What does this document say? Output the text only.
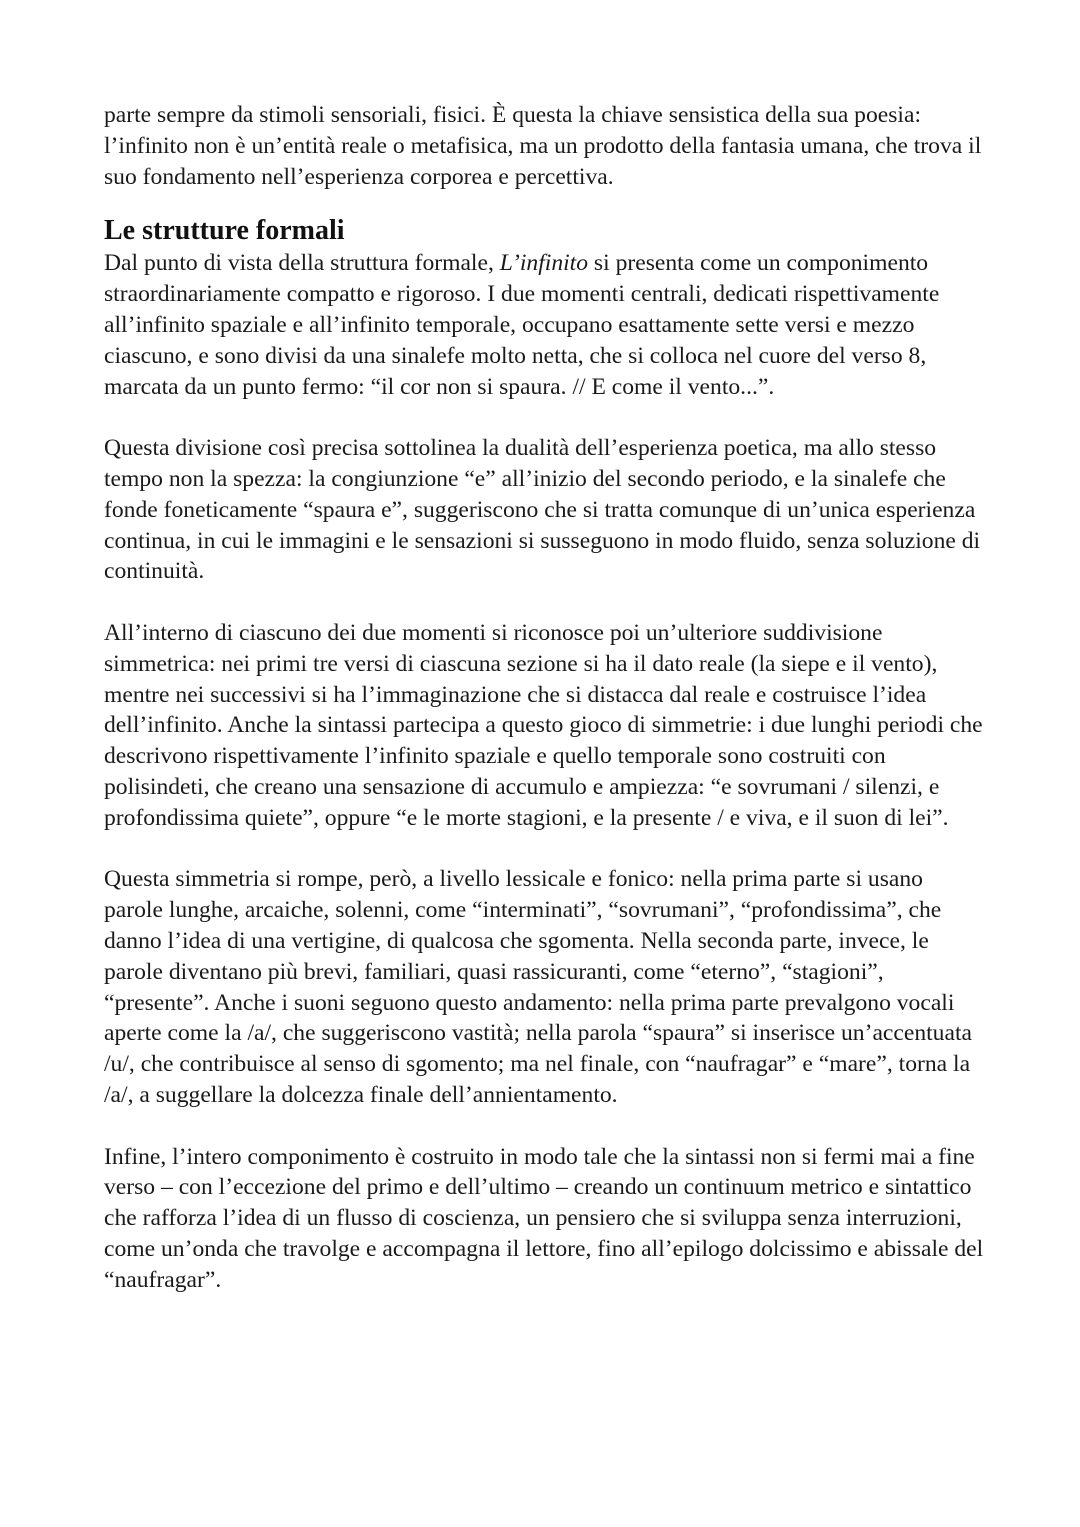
parte sempre da stimoli sensoriali, fisici. È questa la chiave sensistica della sua poesia: l’infinito non è un’entità reale o metafisica, ma un prodotto della fantasia umana, che trova il suo fondamento nell’esperienza corporea e percettiva.

Le strutture formali

Dal punto di vista della struttura formale, L’infinito si presenta come un componimento straordinariamente compatto e rigoroso. I due momenti centrali, dedicati rispettivamente all’infinito spaziale e all’infinito temporale, occupano esattamente sette versi e mezzo ciascuno, e sono divisi da una sinalefe molto netta, che si colloca nel cuore del verso 8, marcata da un punto fermo: “il cor non si spaura. // E come il vento...”.

Questa divisione così precisa sottolinea la dualità dell’esperienza poetica, ma allo stesso tempo non la spezza: la congiunzione “e” all’inizio del secondo periodo, e la sinalefe che fonde foneticamente “spaura e”, suggeriscono che si tratta comunque di un’unica esperienza continua, in cui le immagini e le sensazioni si susseguono in modo fluido, senza soluzione di continuità.

All’interno di ciascuno dei due momenti si riconosce poi un’ulteriore suddivisione simmetrica: nei primi tre versi di ciascuna sezione si ha il dato reale (la siepe e il vento), mentre nei successivi si ha l’immaginazione che si distacca dal reale e costruisce l’idea dell’infinito. Anche la sintassi partecipa a questo gioco di simmetrie: i due lunghi periodi che descrivono rispettivamente l’infinito spaziale e quello temporale sono costruiti con polisindeti, che creano una sensazione di accumulo e ampiezza: “e sovrumani / silenzi, e profondissima quiete”, oppure “e le morte stagioni, e la presente / e viva, e il suon di lei”.

Questa simmetria si rompe, però, a livello lessicale e fonico: nella prima parte si usano parole lunghe, arcaiche, solenni, come “interminati”, “sovrumani”, “profondissima”, che danno l’idea di una vertigine, di qualcosa che sgomenta. Nella seconda parte, invece, le parole diventano più brevi, familiari, quasi rassicuranti, come “eterno”, “stagioni”, “presente”. Anche i suoni seguono questo andamento: nella prima parte prevalgono vocali aperte come la /a/, che suggeriscono vastità; nella parola “spaura” si inserisce un’accentuata /u/, che contribuisce al senso di sgomento; ma nel finale, con “naufragar” e “mare”, torna la /a/, a suggellare la dolcezza finale dell’annientamento.

Infine, l’intero componimento è costruito in modo tale che la sintassi non si fermi mai a fine verso – con l’eccezione del primo e dell’ultimo – creando un continuum metrico e sintattico che rafforza l’idea di un flusso di coscienza, un pensiero che si sviluppa senza interruzioni, come un’onda che travolge e accompagna il lettore, fino all’epilogo dolcissimo e abissale del “naufragar”.
